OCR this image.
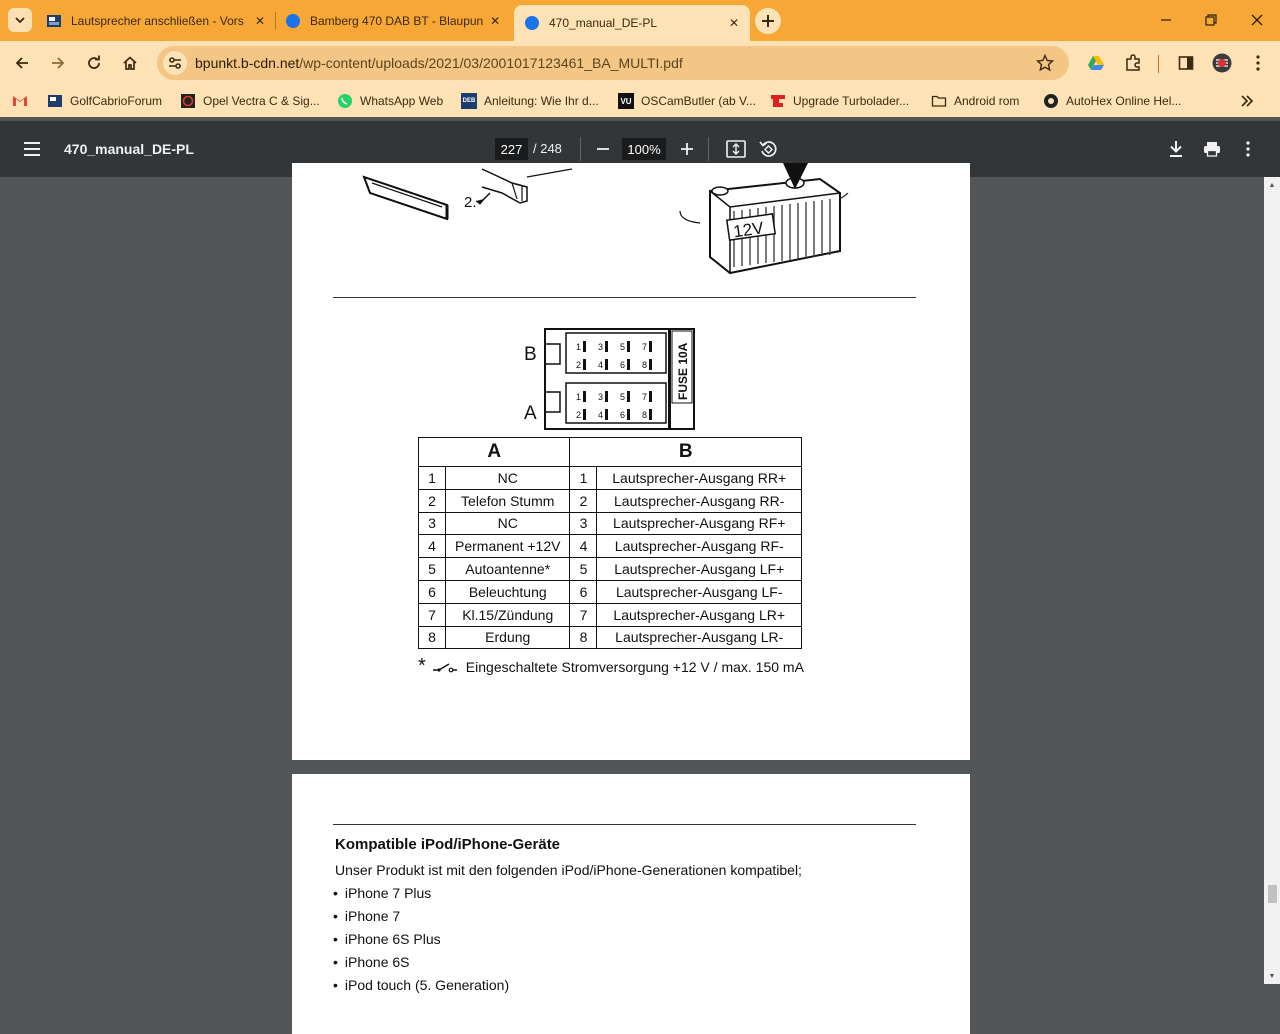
Lautsprecher anschließen - Vors ✕	Bamberg 470 DAB BT - Blaupun ✕	470_manual_DE-PL	✕
bpunkt.b-cdn.net/wp-content/uploads/2021/03/2001017123461_BA_MULTI.pdf
GolfCabrioForum	Opel Vectra C & Sig...	WhatsApp Web	DEB Anleitung: Wie Ihr d...	VU OSCamButler (ab V...	Upgrade Turbolader...	Android rom	AutoHex Online Hel...
470_manual_DE-PL	227 / 248	100%
2.
12V
B
A
FUSE 10A
1 3 5 7
2 4 6 8
1 3 5 7
2 4 6 8
A		B	
1	NC	1	Lautsprecher-Ausgang RR+
2	Telefon Stumm	2	Lautsprecher-Ausgang RR-
3	NC	3	Lautsprecher-Ausgang RF+
4	Permanent +12V	4	Lautsprecher-Ausgang RF-
5	Autoantenne*	5	Lautsprecher-Ausgang LF+
6	Beleuchtung	6	Lautsprecher-Ausgang LF-
7	Kl.15/Zündung	7	Lautsprecher-Ausgang LR+
8	Erdung	8	Lautsprecher-Ausgang LR-
*	Eingeschaltete Stromversorgung +12 V / max. 150 mA
Kompatible iPod/iPhone-Geräte
Unser Produkt ist mit den folgenden iPod/iPhone-Generationen kompatibel;
• iPhone 7 Plus
• iPhone 7
• iPhone 6S Plus
• iPhone 6S
• iPod touch (5. Generation)
▲
▼
